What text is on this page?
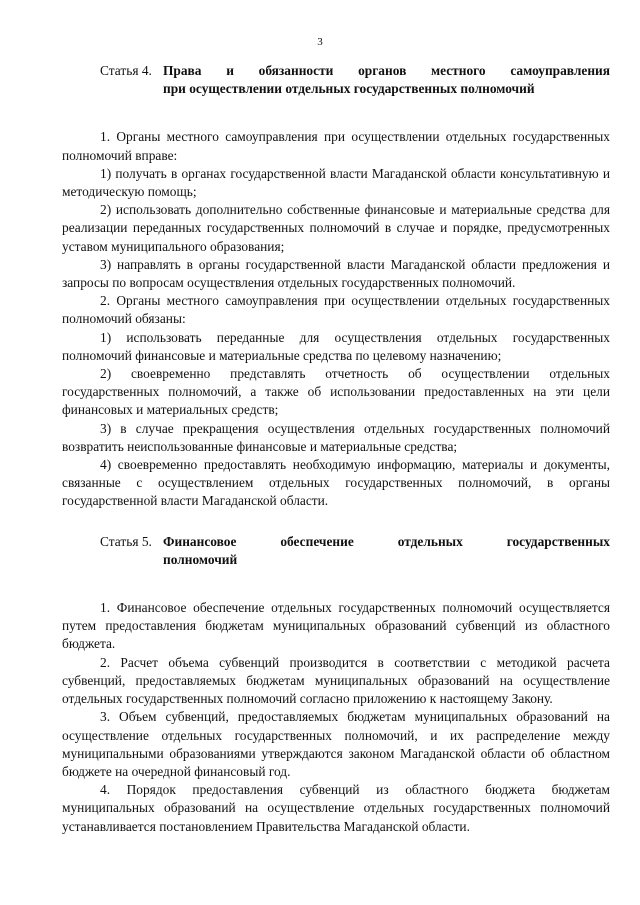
3
Статья 4. Права и обязанности органов местного самоуправления
при осуществлении отдельных государственных полномочий

1. Органы местного самоуправления при осуществлении отдельных государственных полномочий вправе:

1) получать в органах государственной власти Магаданской области консультативную и методическую помощь;

2) использовать дополнительно собственные финансовые и материальные средства для реализации переданных государственных полномочий в случае и порядке, предусмотренных уставом муниципального образования;

3) направлять в органы государственной власти Магаданской области предложения и запросы по вопросам осуществления отдельных государственных полномочий.

2. Органы местного самоуправления при осуществлении отдельных государственных полномочий обязаны:

1) использовать переданные для осуществления отдельных государственных полномочий финансовые и материальные средства по целевому назначению;

2) своевременно представлять отчетность об осуществлении отдельных государственных полномочий, а также об использовании предоставленных на эти цели финансовых и материальных средств;

3) в случае прекращения осуществления отдельных государственных полномочий возвратить неиспользованные финансовые и материальные средства;

4) своевременно предоставлять необходимую информацию, материалы и документы, связанные с осуществлением отдельных государственных полномочий, в органы государственной власти Магаданской области.

Статья 5. Финансовое обеспечение отдельных государственных
полномочий

1. Финансовое обеспечение отдельных государственных полномочий осуществляется путем предоставления бюджетам муниципальных образований субвенций из областного бюджета.

2. Расчет объема субвенций производится в соответствии с методикой расчета субвенций, предоставляемых бюджетам муниципальных образований на осуществление отдельных государственных полномочий согласно приложению к настоящему Закону.

3. Объем субвенций, предоставляемых бюджетам муниципальных образований на осуществление отдельных государственных полномочий, и их распределение между муниципальными образованиями утверждаются законом Магаданской области об областном бюджете на очередной финансовый год.

4. Порядок предоставления субвенций из областного бюджета бюджетам муниципальных образований на осуществление отдельных государственных полномочий устанавливается постановлением Правительства Магаданской области.
